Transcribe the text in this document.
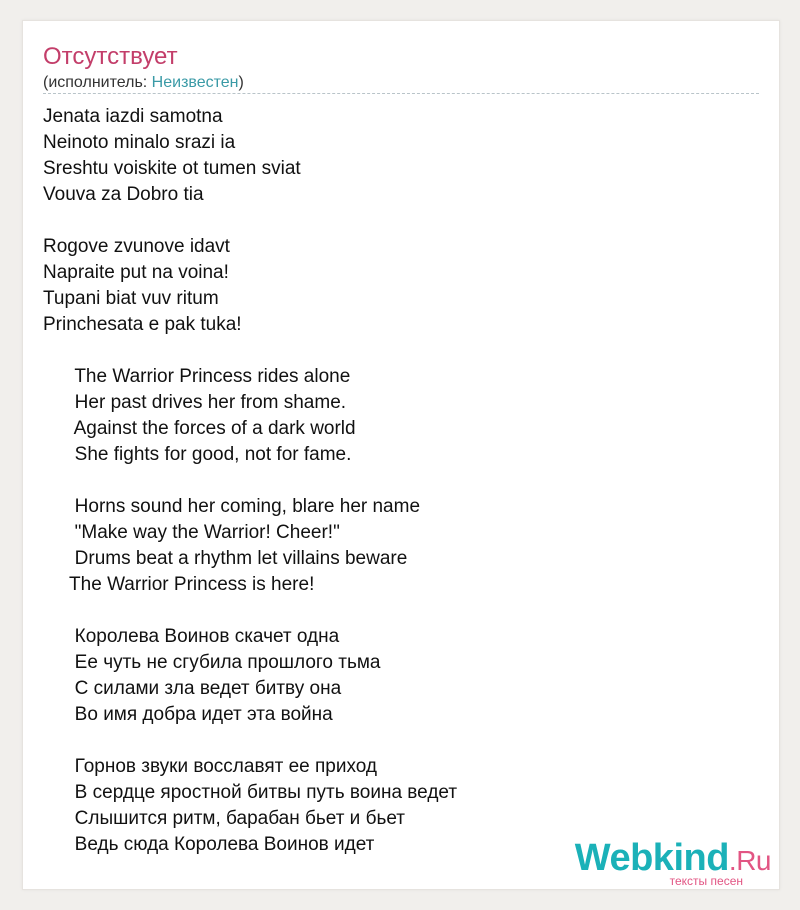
Отсутствует
(исполнитель: Неизвестен)
Jenata iazdi samotna
Neinoto minalo srazi ia
Sreshtu voiskite ot tumen sviat
Vouva za Dobro tia
Rogove zvunove idavt
Napraite put na voina!
Tupani biat vuv ritum
Princhesata e pak tuka!
The Warrior Princess rides alone
Her past drives her from shame.
Against the forces of a dark world
She fights for good, not for fame.
Horns sound her coming, blare her name
"Make way the Warrior! Cheer!"
Drums beat a rhythm let villains beware
The Warrior Princess is here!
Королева Воинов скачет одна
Ее чуть не сгубила прошлого тьма
С силами зла ведет битву она
Во имя добра идет эта война
Горнов звуки восславят ее приход
В сердце яростной битвы путь воина ведет
Слышится ритм, барабан бьет и бьет
Ведь сюда Королева Воинов идет	Webkind.Ru
тексты песен
